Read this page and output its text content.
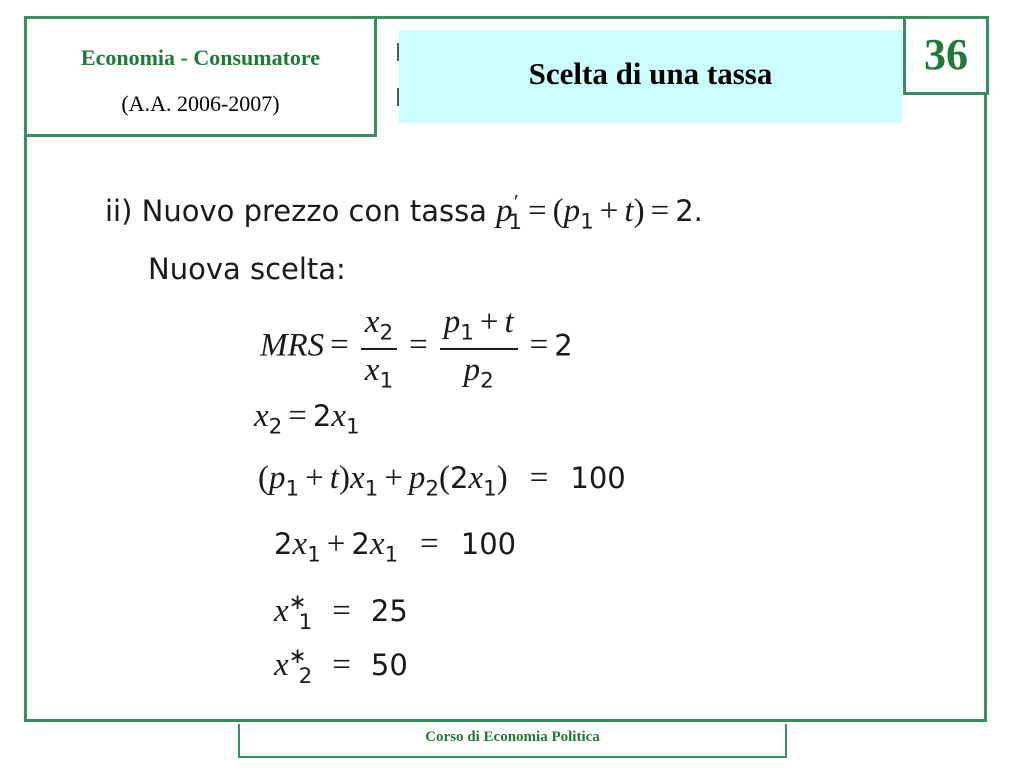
Economia - Consumatore
(A.A. 2006-2007)
Scelta di una tassa	36
ii) Nuovo prezzo con tassa $p'_1 = (p_1 + t) = 2$.
Nuova scelta:
MRS = $\frac{x_2}{x_1} = \frac{p_1 + t}{p_2} = 2$
$x_2 = 2x_1$
$(p_1 + t)x_1 + p_2(2x_1) = 100$
$2x_1 + 2x_1 = 100$
$x^∗_1 = 25$
$x^∗_2 = 50$
Corso di Economia Politica
